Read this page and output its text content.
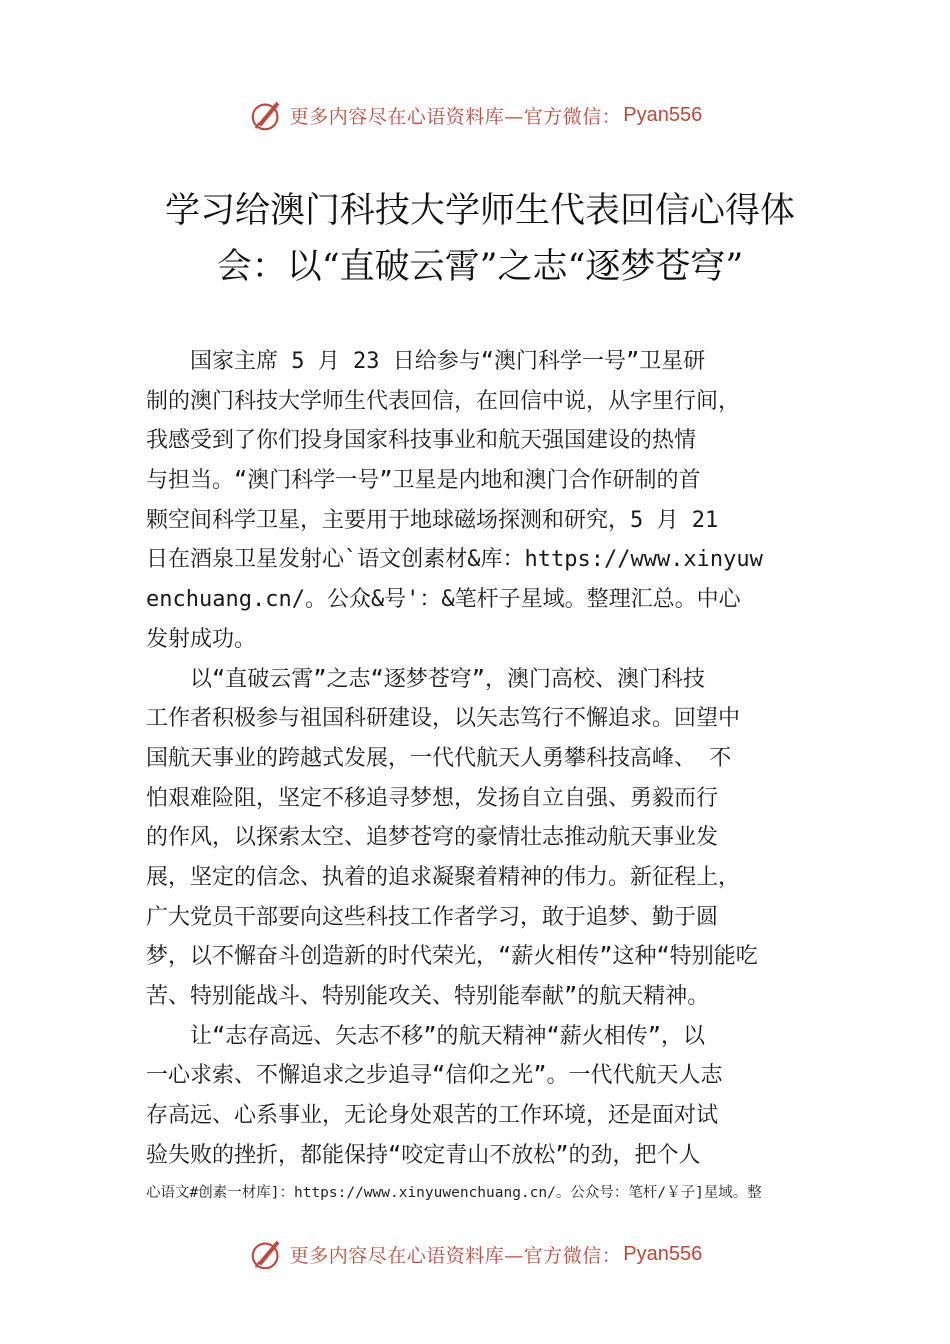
更多内容尽在心语资料库—官方微信： Pyan556
学习给澳门科技大学师生代表回信心得体
会：以“直破云霄”之志“逐梦苍穹”
　　国家主席 5 月 23 日给参与“澳门科学一号”卫星研
制的澳门科技大学师生代表回信，在回信中说，从字里行间，
我感受到了你们投身国家科技事业和航天强国建设的热情
与担当。“澳门科学一号”卫星是内地和澳门合作研制的首
颗空间科学卫星，主要用于地球磁场探测和研究，5 月 21
日在酒泉卫星发射心`语文创素材&库：https://www.xinyuw
enchuang.cn/。公众&号'：&笔杆子星域。整理汇总。中心
发射成功。
　　以“直破云霄”之志“逐梦苍穹”，澳门高校、澳门科技
工作者积极参与祖国科研建设，以矢志笃行不懈追求。回望中
国航天事业的跨越式发展，一代代航天人勇攀科技高峰、 不
怕艰难险阻，坚定不移追寻梦想，发扬自立自强、勇毅而行
的作风，以探索太空、追梦苍穹的豪情壮志推动航天事业发
展，坚定的信念、执着的追求凝聚着精神的伟力。新征程上，
广大党员干部要向这些科技工作者学习，敢于追梦、勤于圆
梦，以不懈奋斗创造新的时代荣光，“薪火相传”这种“特别能吃
苦、特别能战斗、特别能攻关、特别能奉献”的航天精神。
　　让“志存高远、矢志不移”的航天精神“薪火相传”，以
一心求索、不懈追求之步追寻“信仰之光”。一代代航天人志
存高远、心系事业，无论身处艰苦的工作环境，还是面对试
验失败的挫折，都能保持“咬定青山不放松”的劲，把个人
心语文#创素一材库]：https://www.xinyuwenchuang.cn/。公众号：笔杆/￥子]星域。整
更多内容尽在心语资料库—官方微信： Pyan556
